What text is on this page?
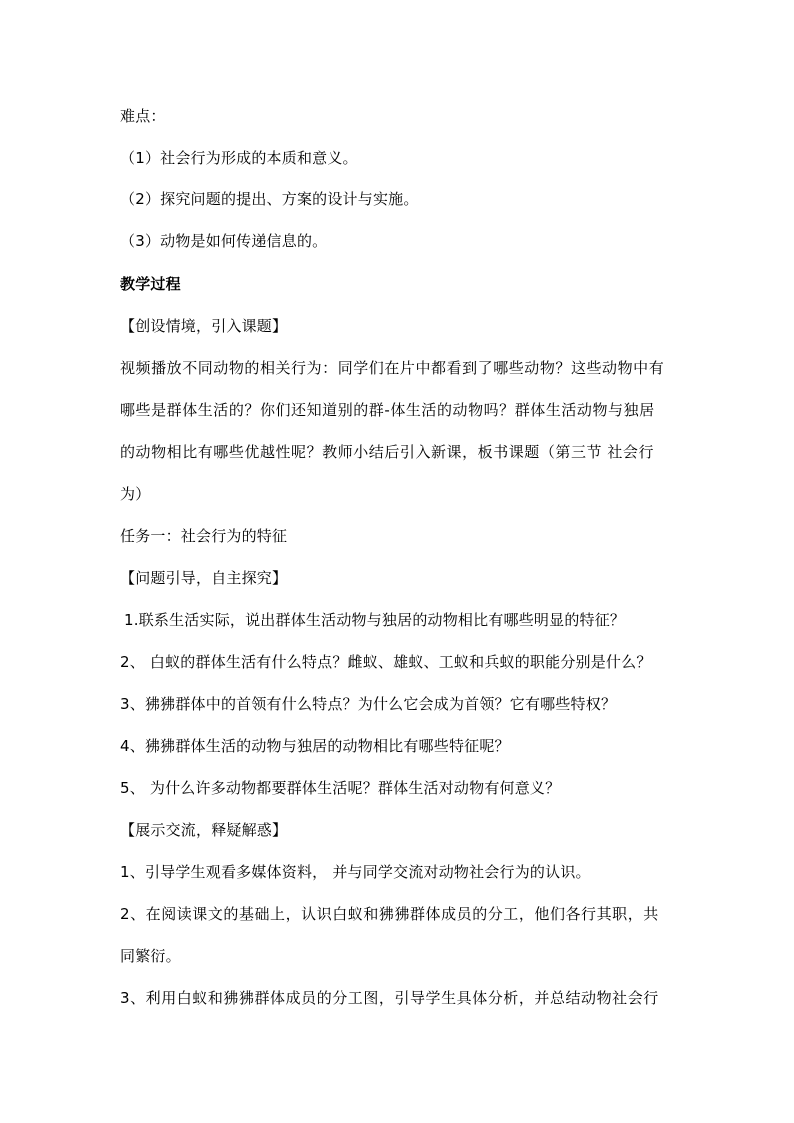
难点：
（1）社会行为形成的本质和意义。
（2）探究问题的提出、方案的设计与实施。
（3）动物是如何传递信息的。
教学过程
【创设情境，引入课题】
视频播放不同动物的相关行为：同学们在片中都看到了哪些动物？这些动物中有
哪些是群体生活的？你们还知道别的群-体生活的动物吗？群体生活动物与独居
的动物相比有哪些优越性呢？教师小结后引入新课，板书课题（第三节 社会行
为）
任务一：社会行为的特征
【问题引导，自主探究】
1.联系生活实际，说出群体生活动物与独居的动物相比有哪些明显的特征？
2、 白蚁的群体生活有什么特点？雌蚁、雄蚁、工蚁和兵蚁的职能分别是什么？
3、狒狒群体中的首领有什么特点？为什么它会成为首领？它有哪些特权？
4、狒狒群体生活的动物与独居的动物相比有哪些特征呢？
5、 为什么许多动物都要群体生活呢？群体生活对动物有何意义？
【展示交流，释疑解惑】
1、引导学生观看多媒体资料， 并与同学交流对动物社会行为的认识。
2、在阅读课文的基础上，认识白蚁和狒狒群体成员的分工，他们各行其职，共
同繁衍。
3、利用白蚁和狒狒群体成员的分工图，引导学生具体分析，并总结动物社会行
